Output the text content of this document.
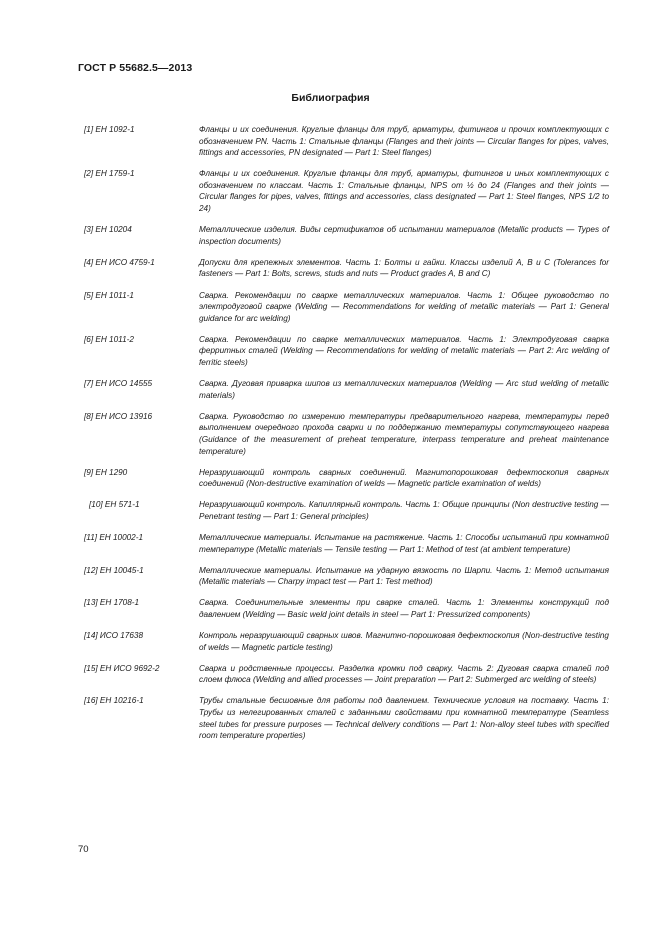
ГОСТ Р 55682.5—2013
Библиография
[1] ЕН 1092-1	Фланцы и их соединения. Круглые фланцы для труб, арматуры, фитингов и прочих комплектующих с обозначением PN. Часть 1: Стальные фланцы (Flanges and their joints — Circular flanges for pipes, valves, fittings and accessories, PN designated — Part 1: Steel flanges)
[2] ЕН 1759-1	Фланцы и их соединения. Круглые фланцы для труб, арматуры, фитингов и иных комплектующих с обозначением по классам. Часть 1: Стальные фланцы, NPS от ½ до 24 (Flanges and their joints — Circular flanges for pipes, valves, fittings and accessories, class designated — Part 1: Steel flanges, NPS 1/2 to 24)
[3] ЕН 10204	Металлические изделия. Виды сертификатов об испытании материалов (Metallic products — Types of inspection documents)
[4] ЕН ИСО 4759-1	Допуски для крепежных элементов. Часть 1: Болты и гайки. Классы изделий А, В и С (Tolerances for fasteners — Part 1: Bolts, screws, studs and nuts — Product grades A, B and C)
[5] ЕН 1011-1	Сварка. Рекомендации по сварке металлических материалов. Часть 1: Общее руководство по электродуговой сварке (Welding — Recommendations for welding of metallic materials — Part 1: General guidance for arc welding)
[6] ЕН 1011-2	Сварка. Рекомендации по сварке металлических материалов. Часть 1: Электродуговая сварка ферритных сталей (Welding — Recommendations for welding of metallic materials — Part 2: Arc welding of ferritic steels)
[7] ЕН ИСО 14555	Сварка. Дуговая приварка шипов из металлических материалов (Welding — Arc stud welding of metallic materials)
[8] ЕН ИСО 13916	Сварка. Руководство по измерению температуры предварительного нагрева, температуры перед выполнением очередного прохода сварки и по поддержанию температуры сопутствующего нагрева (Guidance of the measurement of preheat temperature, interpass temperature and preheat maintenance temperature)
[9] ЕН 1290	Неразрушающий контроль сварных соединений. Магнитопорошковая дефектоскопия сварных соединений (Non-destructive examination of welds — Magnetic particle examination of welds)
[10] ЕН 571-1	Неразрушающий контроль. Капиллярный контроль. Часть 1: Общие принципы (Non destructive testing — Penetrant testing — Part 1: General principles)
[11] ЕН 10002-1	Металлические материалы. Испытание на растяжение. Часть 1: Способы испытаний при комнатной температуре (Metallic materials — Tensile testing — Part 1: Method of test (at ambient temperature)
[12] ЕН 10045-1	Металлические материалы. Испытание на ударную вязкость по Шарпи. Часть 1: Метод испытания (Metallic materials — Charpy impact test — Part 1: Test method)
[13] ЕН 1708-1	Сварка. Соединительные элементы при сварке сталей. Часть 1: Элементы конструкций под давлением (Welding — Basic weld joint details in steel — Part 1: Pressurized components)
[14] ИСО 17638	Контроль неразрушающий сварных швов. Магнитно-порошковая дефектоскопия (Non-destructive testing of welds — Magnetic particle testing)
[15] ЕН ИСО 9692-2	Сварка и родственные процессы. Разделка кромки под сварку. Часть 2: Дуговая сварка сталей под слоем флюса (Welding and allied processes — Joint preparation — Part 2: Submerged arc welding of steels)
[16] ЕН 10216-1	Трубы стальные бесшовные для работы под давлением. Технические условия на поставку. Часть 1: Трубы из нелегированных сталей с заданными свойствами при комнатной температуре (Seamless steel tubes for pressure purposes — Technical delivery conditions — Part 1: Non-alloy steel tubes with specified room temperature properties)
70
